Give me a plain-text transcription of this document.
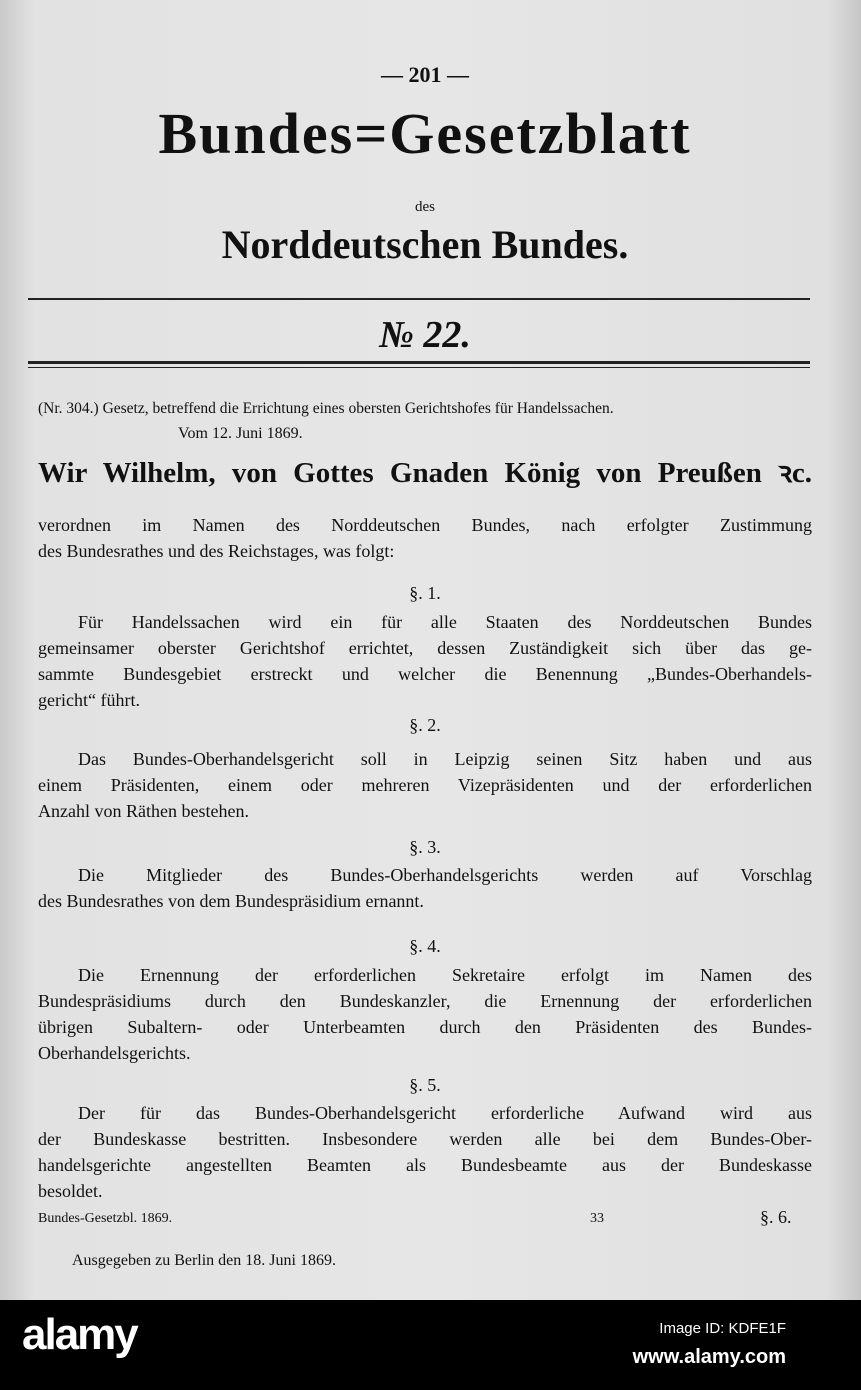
— 201 —
Bundes=Gesetzblatt
des
Norddeutschen Bundes.
№ 22.
(Nr. 304.) Gesetz, betreffend die Errichtung eines obersten Gerichtshofes für Handelssachen.
Vom 12. Juni 1869.
Wir Wilhelm, von Gottes Gnaden König von Preußen ꝛc.
verordnen im Namen des Norddeutschen Bundes, nach erfolgter Zustimmung
des Bundesrathes und des Reichstages, was folgt:
§. 1.
Für Handelssachen wird ein für alle Staaten des Norddeutschen Bundes
gemeinsamer oberster Gerichtshof errichtet, dessen Zuständigkeit sich über das ge-
sammte Bundesgebiet erstreckt und welcher die Benennung „Bundes-Oberhandels-
gericht“ führt.
§. 2.
Das Bundes-Oberhandelsgericht soll in Leipzig seinen Sitz haben und aus
einem Präsidenten, einem oder mehreren Vizepräsidenten und der erforderlichen
Anzahl von Räthen bestehen.
§. 3.
Die Mitglieder des Bundes-Oberhandelsgerichts werden auf Vorschlag
des Bundesrathes von dem Bundespräsidium ernannt.
§. 4.
Die Ernennung der erforderlichen Sekretaire erfolgt im Namen des
Bundespräsidiums durch den Bundeskanzler, die Ernennung der erforderlichen
übrigen Subaltern- oder Unterbeamten durch den Präsidenten des Bundes-
Oberhandelsgerichts.
§. 5.
Der für das Bundes-Oberhandelsgericht erforderliche Aufwand wird aus
der Bundeskasse bestritten. Insbesondere werden alle bei dem Bundes-Ober-
handelsgerichte angestellten Beamten als Bundesbeamte aus der Bundeskasse
besoldet.
Bundes-Gesetzbl. 1869.	33	§. 6.
Ausgegeben zu Berlin den 18. Juni 1869.
alamy	Image ID: KDFE1F
www.alamy.com
